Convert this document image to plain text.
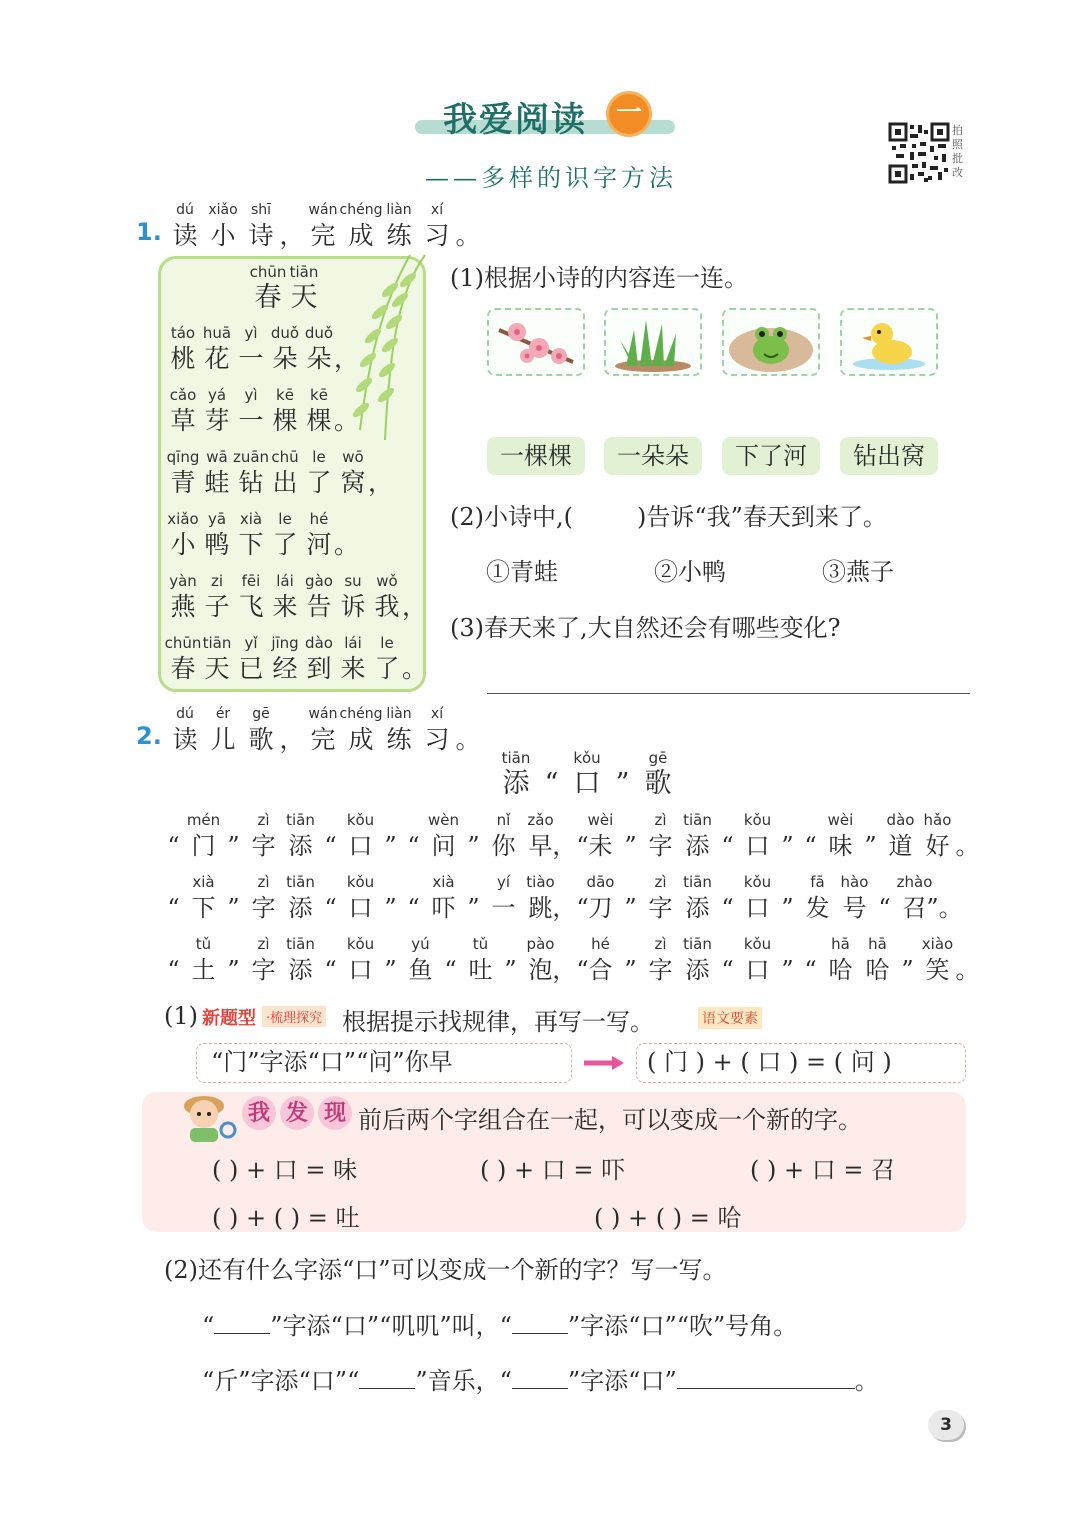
我爱阅读 一
——多样的识字方法
拍
照
批
改
1.
dú
读
xiǎo
小
shī
诗 ，
wán
完
chéng
成
liàn
练
xí
习 。
chūn
春
tiān
天
táo
桃
huā
花
yì
一
duǒ
朵
duǒ
朵 ，
cǎo
草
yá
芽
yì
一
kē
棵
kē
棵 。
qīng
青
wā
蛙
zuān
钻
chū
出
le
了
wō
窝 ，
xiǎo
小
yā
鸭
xià
下
le
了
hé
河 。
yàn
燕
zi
子
fēi
飞
lái
来
gào
告
su
诉
wǒ
我 ，
chūn
春
tiān
天
yǐ
已
jīng
经
dào
到
lái
来
le
了 。
(1)根据小诗的内容连一连。
一棵棵	一朵朵	下了河	钻出窝
(2)小诗中,(	)告诉“我”春天到来了。
①青蛙	②小鸭	③燕子
(3)春天来了,大自然还会有哪些变化?
2.
dú
读
ér
儿
gē
歌 ，
wán
完
chéng
成
liàn
练
xí
习 。
tiān
添 “
kǒu
口 ”
gē
歌
“
mén
门 ”
zì
字
tiān
添 “
kǒu
口 ” “
wèn
问 ”
nǐ
你
zǎo
早 ，“
wèi
未 ”
zì
字
tiān
添 “
kǒu
口 ” “
wèi
味 ”
dào
道
hǎo
好 。
“
xià
下 ”
zì
字
tiān
添 “
kǒu
口 ” “
xià
吓 ”
yí
一
tiào
跳 ，“
dāo
刀 ”
zì
字
tiān
添 “
kǒu
口 ”
fā
发
hào
号 “
zhào
召 ”。
“
tǔ
土 ”
zì
字
tiān
添 “
kǒu
口 ”
yú
鱼 “
tǔ
吐 ”
pào
泡 ，“
hé
合 ”
zì
字
tiān
添 “
kǒu
口 ” “
hā
哈
hā
哈 ”
xiào
笑 。
(1) 新题型 ·梳理探究 根据提示找规律，再写一写。	语文要素
“门”字添“口”“问”你早	( 门 ) + ( 口 ) = ( 问 )
我 发 现 前后两个字组合在一起，可以变成一个新的字。
( ) + 口 = 味	( ) + 口 = 吓	( ) + 口 = 召
( ) + ( ) = 吐	( ) + ( ) = 哈
(2)还有什么字添“口”可以变成一个新的字？写一写。
“ ”字添“口”“叽叽”叫，“ ”字添“口”“吹”号角。
“斤”字添“口”“ ”音乐，“ ”字添“口”	。
3
